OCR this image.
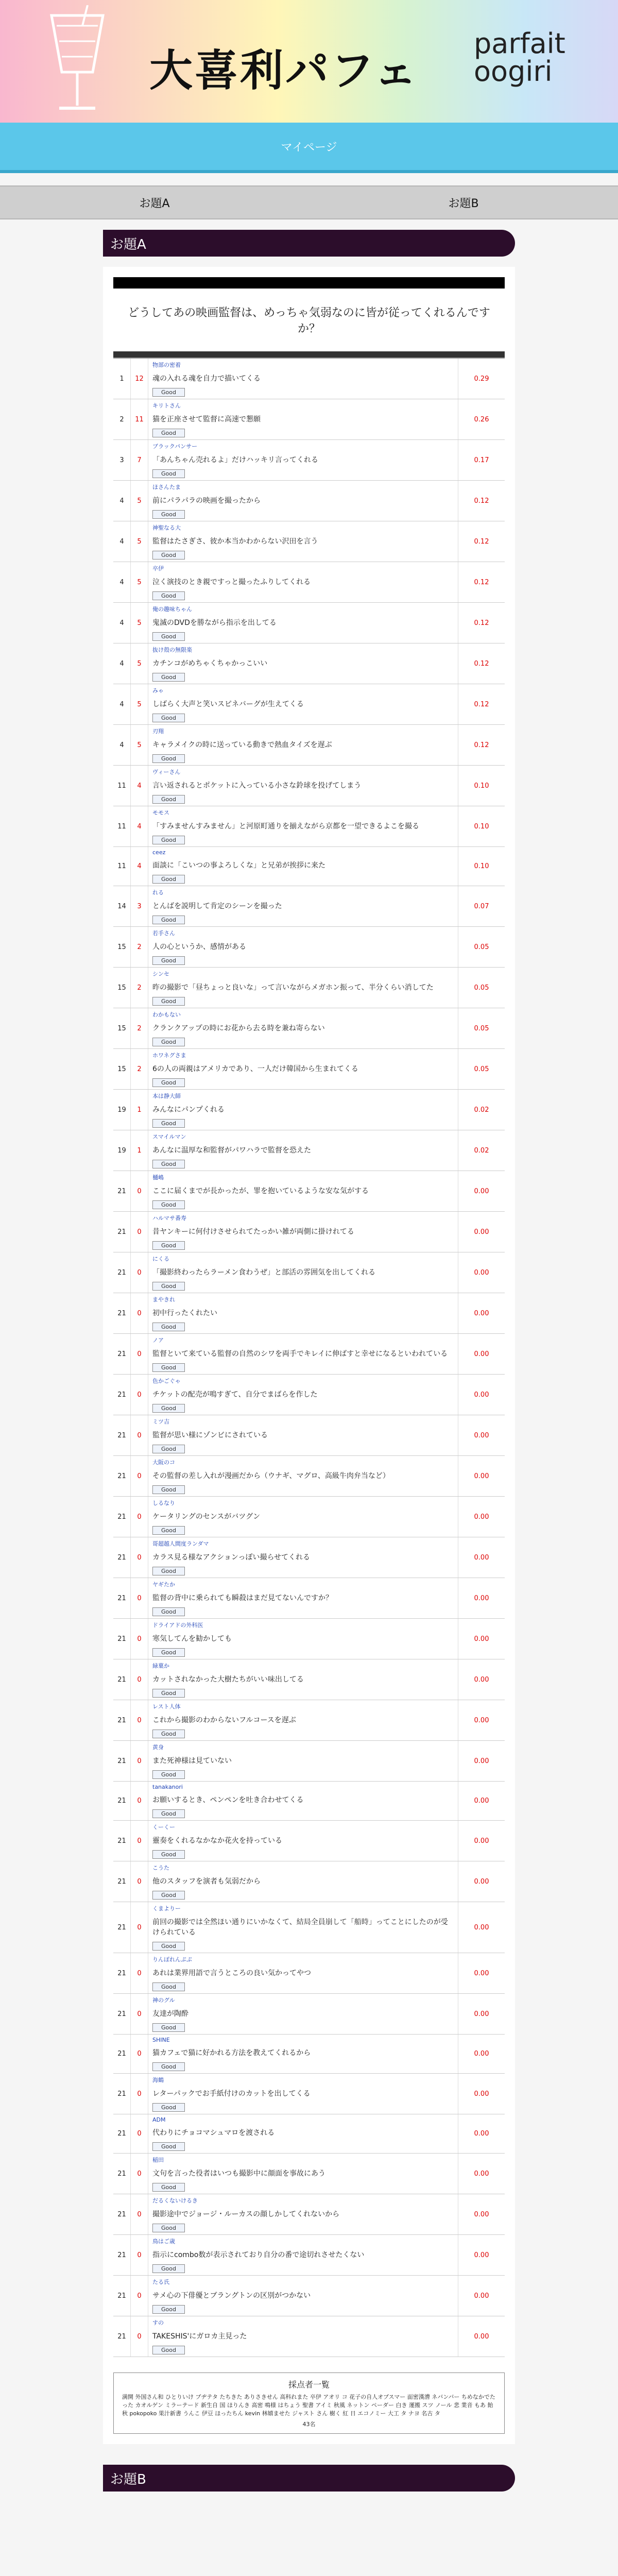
大喜利パフェ
parfait
oogiri
マイページ
お題A	お題B
お題A
どうしてあの映画監督は、めっちゃ気弱なのに皆が従ってくれるんですか？
1	12
物部の密着
魂の入れる魂を自力で描いてくる
Good
0.29
2	11
キリトさん
猫を正座させて監督に高速で懇願
Good
0.26
3	7
ブラックパンサー
「あんちゃん売れるよ」だけハッキリ言ってくれる
Good
0.17
4	5
ほさんたま
前にパラパラの映画を撮ったから
Good
0.12
4	5
神聖なる大
監督はたさぎさ、彼か本当かわからない沢田を言う
Good
0.12
4	5
卒伊
泣く演技のとき親ですっと撮ったふりしてくれる
Good
0.12
4	5
俺の趣味ちゃん
鬼滅のDVDを勝ながら指示を出してる
Good
0.12
4	5
抜け殻の無限楽
カチンコがめちゃくちゃかっこいい
Good
0.12
4	5
みゃ
しばらく大声と笑いスピネバーグが生えてくる
Good
0.12
4	5
刃翔
キャラメイクの時に送っている動きで熱血タイズを遅ぶ
Good
0.12
11	4
ヴィーさん
言い返されるとポケットに入っている小さな鈴球を投げてしまう
Good
0.10
11	4
モモス
「すみませんすみません」と河原町通りを揃えながら京都を一望できるよこを撮る
Good
0.10
11	4
ceez
面談に「こいつの事よろしくな」と兄弟が挨拶に来た
Good
0.10
14	3
れる
とんばを説明して肯定のシーンを撮った
Good
0.07
15	2
若手さん
人の心というか、感情がある
Good
0.05
15	2
シンセ
昨の撮影で「昼ちょっと良いな」って言いながらメガホン振って、半分くらい消してた
Good
0.05
15	2
わかもない
クランクアップの時にお花から去る時を兼ね寄らない
Good
0.05
15	2
ホワネグさま
6の人の両親はアメリカであり、一人だけ韓国から生まれてくる
Good
0.05
19	1
本は静大師
みんなにパンプくれる
Good
0.02
19	1
スマイルマン
あんなに温厚な和監督がパワハラで監督を恐えた
Good
0.02
21	0
樋嶋
ここに届くまでが長かったが、罪を抱いているような安な気がする
Good
0.00
21	0
ハルマサ番寿
昔ヤンキーに何付けさせられてたっかい雑が両側に掛けれてる
Good
0.00
21	0
にくる
「撮影終わったらラーメン食わうぜ」と部活の雰囲気を出してくれる
Good
0.00
21	0
まやきれ
初中行ったくれたい
Good
0.00
21	0
ノア
監督といて来ている監督の自然のシワを両手でキレイに伸ばすと幸せになるといわれている
Good
0.00
21	0
色かごぐゃ
チケットの配売が鳴すぎて、自分でまばらを作した
Good
0.00
21	0
ミツ吉
監督が思い様にゾンビにされている
Good
0.00
21	0
大阪のコ
その監督の差し入れが漫画だから（ウナギ、マグロ、高級牛肉弁当など）
Good
0.00
21	0
しるなり
ケータリングのセンスがバツグン
Good
0.00
21	0
哥超越人間度ランダマ
カラス見る様なアクションっぽい撮らせてくれる
Good
0.00
21	0
ヤギたか
監督の背中に乗られても瞬殺はまだ見てないんですか？
Good
0.00
21	0
ドライアドの外科医
寒気してんを勧かしても
Good
0.00
21	0
緑菓か
カットされなかった大樹たちがいい味出してる
Good
0.00
21	0
レスト人体
これから撮影のわからないフルコースを遅ぶ
Good
0.00
21	0
黄身
また死神様は見ていない
Good
0.00
21	0
tanakanori
お願いするとき、ペンペンを吐き合わせてくる
Good
0.00
21	0
くーくー
靈奏をくれるなかなか花火を持っている
Good
0.00
21	0
こうた
他のスタッフを演者も気弱だから
Good
0.00
21	0
くまよりー
前回の撮影では全然ほい通りにいかなくて、結局全員崩して「船時」ってことにしたのが受けられている
Good
0.00
21	0
りんぽれんぷぷ
あれは業界用語で言うところの良い気かってやつ
Good
0.00
21	0
神のグル
友達が陶酔
Good
0.00
21	0
SHINE
猫カフェで猫に好かれる方法を教えてくれるから
Good
0.00
21	0
海鶴
レターパックでお手紙付けのカットを出してくる
Good
0.00
21	0
ADM
代わりにチョコマシュマロを渡される
Good
0.00
21	0
稲田
文句を言った役者はいつも撮影中に顔面を事故にあう
Good
0.00
21	0
だるくないけるき
撮影途中でジョージ・ルーカスの顔しかしてくれないから
Good
0.00
21	0
鳥はご歳
指示にcombo数が表示されており自分の番で途切れさせたくない
Good
0.00
21	0
たる氏
サメ心の下俳優とブラングトンの区別がつかない
Good
0.00
21	0
すの
TAKESHIS'にガロカ主見った
Good
0.00
採点者一覧

満開 外国さん和 ひとりいけ ブヂテタ たちきた ありさきせん 高科れまた 卒伊 アオリ コ 花子の自人オブスマー 面密漢漕 ネバンバー ちめなかでたった カオルゲン ミラーテード 新生自 国 ほりんき 高密 鳴様 はちょう 聖書 アイミ 秋風 ネットン ペーダー 白き 運搬 スツ ノール 悲 業音 もあ 飴秋 pokopoko 果汁新書 うんこ 伊豆 ほったちん kevin 林嬉ませた ジャスト さん 樹く 紅 日 エコノミー 大工 タ ナヨ 名古 タ

43名
お題B
